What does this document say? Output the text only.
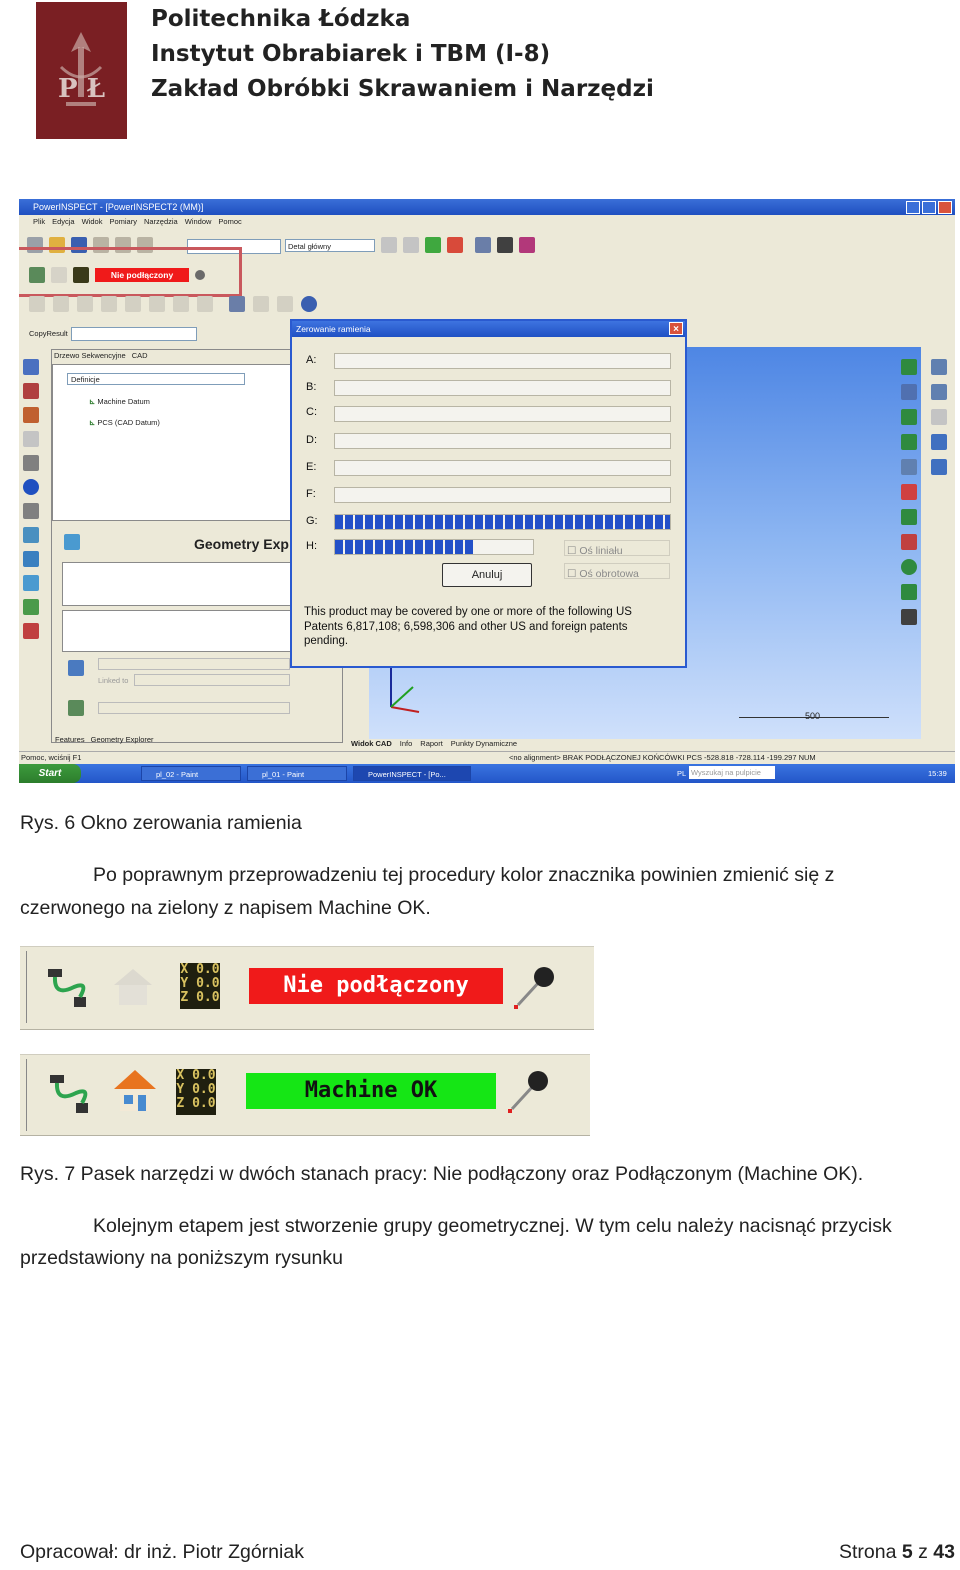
P Ł
Politechnika Łódzka
Instytut Obrabiarek i TBM (I-8)
Zakład Obróbki Skrawaniem i Narzędzi
PowerINSPECT - [PowerINSPECT2 (MM)]
Plik Edycja Widok Pomiary Narzędzia Window Pomoc
Detal główny
Nie podłączony
CopyResult
Drzewo Sekwencyjne CAD
Definicje
⊾ Machine Datum
⊾ PCS (CAD Datum)
Geometry Exp
Linked to
Features Geometry Explorer
500
Widok CAD Info Raport Punkty Dynamiczne
Zerowanie ramienia	×
A:
B:
C:
D:
E:
F:
G:
H:	☐ Oś liniału
☐ Oś obrotowa
Anuluj
This product may be covered by one or more of the following US Patents 6,817,108; 6,598,306 and other US and foreign patents pending.
Pomoc, wciśnij F1	<no alignment> BRAK PODŁĄCZONEJ KOŃCÓWKI PCS -528.818 -728.114 -199.297 NUM
Start	pl_02 - Paint	pl_01 - Paint	PowerINSPECT - [Po...	PL Wyszukaj na pulpicie	15:39
Rys. 6 Okno zerowania ramienia
Po poprawnym przeprowadzeniu tej procedury kolor znacznika powinien zmienić się z
czerwonego na zielony z napisem Machine OK.
X 0.0
Y 0.0
Z 0.0	Nie podłączony
X 0.0
Y 0.0
Z 0.0
Machine OK
Rys. 7 Pasek narzędzi w dwóch stanach pracy: Nie podłączony oraz Podłączonym (Machine OK).
Kolejnym etapem jest stworzenie grupy geometrycznej. W tym celu należy nacisnąć przycisk
przedstawiony na poniższym rysunku
Opracował: dr inż. Piotr Zgórniak	Strona 5 z 43
